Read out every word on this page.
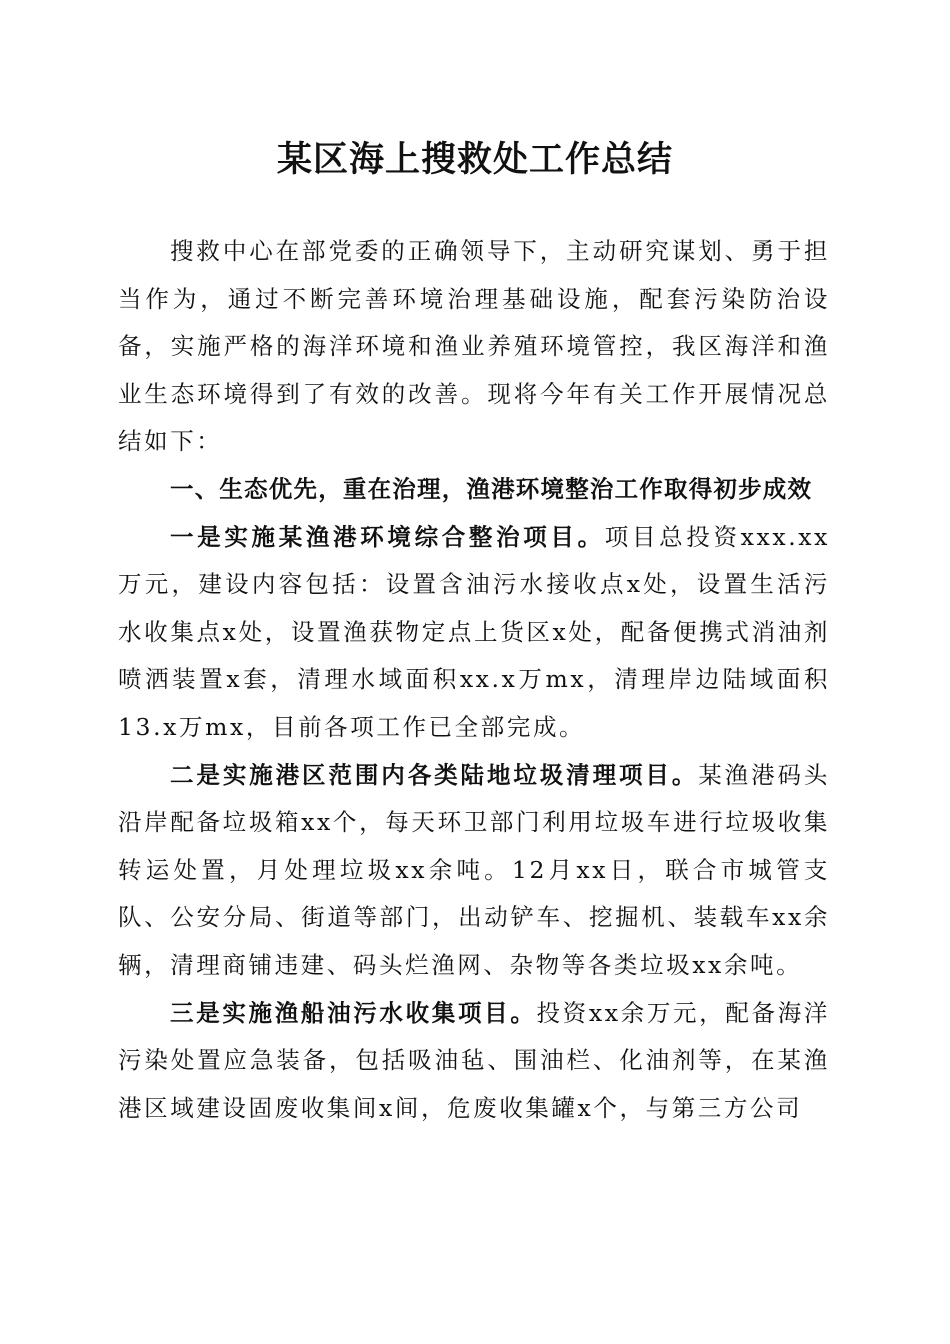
某区海上搜救处工作总结

搜救中心在部党委的正确领导下，主动研究谋划、勇于担当作为，通过不断完善环境治理基础设施，配套污染防治设备，实施严格的海洋环境和渔业养殖环境管控，我区海洋和渔业生态环境得到了有效的改善。现将今年有关工作开展情况总结如下：

一、生态优先，重在治理，渔港环境整治工作取得初步成效

一是实施某渔港环境综合整治项目。项目总投资xxx.xx万元，建设内容包括：设置含油污水接收点x处，设置生活污水收集点x处，设置渔获物定点上货区x处，配备便携式消油剂喷洒装置x套，清理水域面积xx.x万mx，清理岸边陆域面积13.x万mx，目前各项工作已全部完成。

二是实施港区范围内各类陆地垃圾清理项目。某渔港码头沿岸配备垃圾箱xx个，每天环卫部门利用垃圾车进行垃圾收集转运处置，月处理垃圾xx余吨。12月xx日，联合市城管支队、公安分局、街道等部门，出动铲车、挖掘机、装载车xx余辆，清理商铺违建、码头烂渔网、杂物等各类垃圾xx余吨。

三是实施渔船油污水收集项目。投资xx余万元，配备海洋污染处置应急装备，包括吸油毡、围油栏、化油剂等，在某渔港区域建设固废收集间x间，危废收集罐x个，与第三方公司
